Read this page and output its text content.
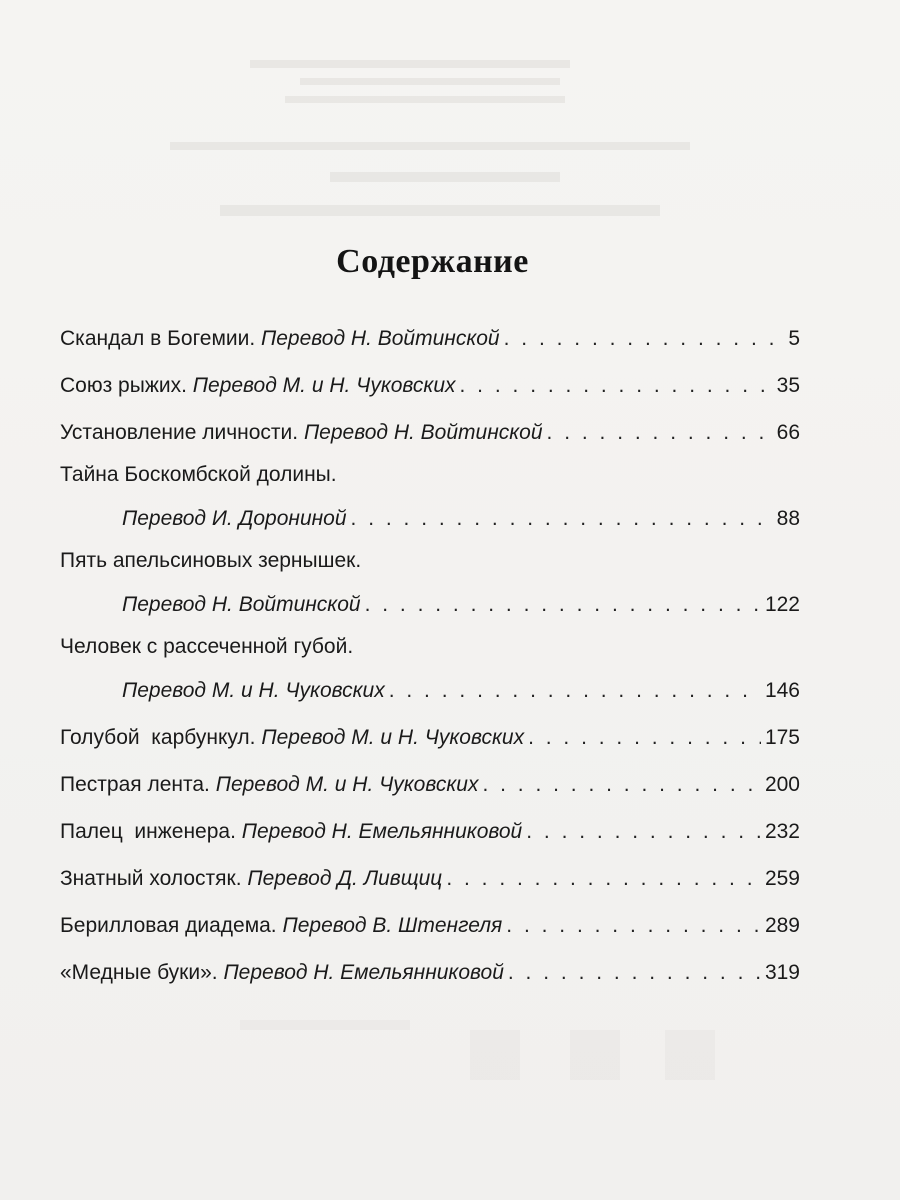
Содержание
Скандал в Богемии. Перевод Н. Войтинской . . .	5
Союз рыжих. Перевод М. и Н. Чуковских . . .	35
Установление личности. Перевод Н. Войтинской . . .	66
Тайна Боскомбской долины.
Перевод И. Дорониной . . .	88
Пять апельсиновых зернышек.
Перевод Н. Войтинской . . .	122
Человек с рассеченной губой.
Перевод М. и Н. Чуковских . . .	146
Голубой  карбункул. Перевод М. и Н. Чуковских . . .	175
Пестрая лента. Перевод М. и Н. Чуковских . . .	200
Палец  инженера. Перевод Н. Емельянниковой . . .	232
Знатный холостяк. Перевод Д. Ливщиц . . .	259
Берилловая диадема. Перевод В. Штенгеля . . .	289
«Медные буки». Перевод Н. Емельянниковой . . .	319
